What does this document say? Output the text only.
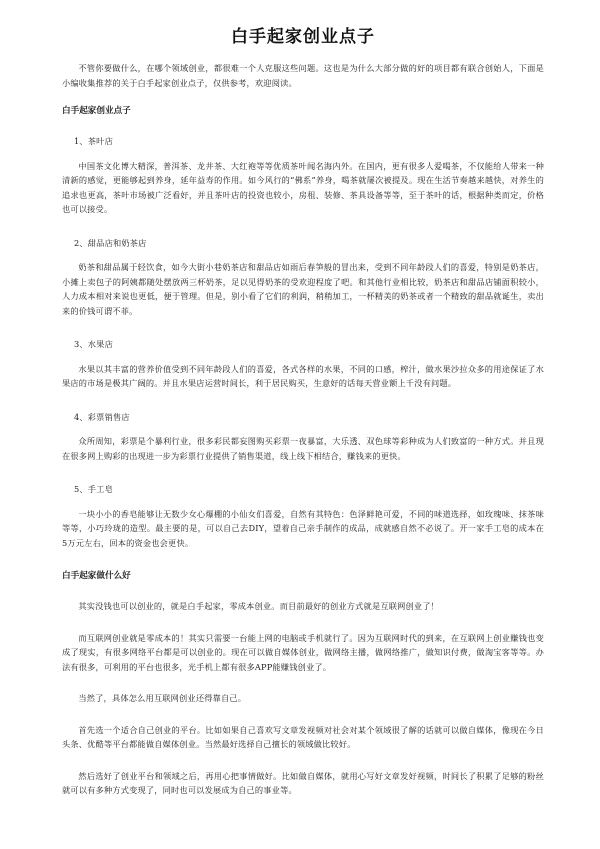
白手起家创业点子

不管你要做什么，在哪个领域创业，都很难一个人克服这些问题。这也是为什么大部分做的好的项目都有联合创始人，下面是小编收集推荐的关于白手起家创业点子，仅供参考，欢迎阅读。

白手起家创业点子

1、茶叶店

中国茶文化博大精深，普洱茶、龙井茶、大红袍等等优质茶叶闻名海内外。在国内，更有很多人爱喝茶，不仅能给人带来一种清新的感觉，更能够起到养身，延年益寿的作用。如今风行的“佛系”养身，喝茶就屡次被提及。现在生活节奏越来越快，对养生的追求也更高，茶叶市场被广泛看好，并且茶叶店的投资也较小，房租、装修、茶具设备等等，至于茶叶的话，根据种类而定，价格也可以接受。

2、甜品店和奶茶店

奶茶和甜品属于轻饮食，如今大街小巷奶茶店和甜品店如雨后春笋般的冒出来，受到不同年龄段人们的喜爱，特别是奶茶店，小摊上卖包子的阿姨都随处摆放两三杯奶茶，足以见得奶茶的受欢迎程度了吧。和其他行业相比较，奶茶店和甜品店铺面积较小，人力成本相对来说也更低，便于管理。但是，别小看了它们的利润，稍稍加工，一杯精美的奶茶或者一个精致的甜品就诞生，卖出来的价钱可谓不菲。

3、水果店

水果以其丰富的营养价值受到不同年龄段人们的喜爱，各式各样的水果，不同的口感，榨汁，做水果沙拉众多的用途保证了水果店的市场是极其广阔的。并且水果店运营时间长，利于居民购买，生意好的话每天营业额上千没有问题。

4、彩票销售店

众所周知，彩票是个暴利行业，很多彩民都妄图购买彩票一夜暴富，大乐透、双色球等彩种成为人们致富的一种方式。并且现在很多网上购彩的出现进一步为彩票行业提供了销售渠道，线上线下相结合，赚钱来的更快。

5、手工皂

一块小小的香皂能够让无数少女心爆棚的小仙女们喜爱，自然有其特色：色泽鲜艳可爱，不同的味道选择，如玫瑰味、抹茶味等等，小巧玲珑的造型。最主要的是，可以自己去DIY，望着自己亲手制作的成品，成就感自然不必说了。开一家手工皂的成本在5万元左右，回本的资金也会更快。

白手起家做什么好

其实没钱也可以创业的，就是白手起家，零成本创业。而目前最好的创业方式就是互联网创业了！

而互联网创业就是零成本的！其实只需要一台能上网的电脑或手机就行了。因为互联网时代的到来，在互联网上创业赚钱也变成了现实，有很多网络平台都是可以创业的。现在可以做自媒体创业，做网络主播，做网络推广，做知识付费，做淘宝客等等。办法有很多，可利用的平台也很多，光手机上都有很多APP能赚钱创业了。

当然了，具体怎么用互联网创业还得靠自己。

首先选一个适合自己创业的平台。比如如果自己喜欢写文章发视频对社会对某个领域很了解的话就可以做自媒体，像现在今日头条、优酷等平台都能做自媒体创业。当然最好选择自己擅长的领域做比较好。

然后选好了创业平台和领域之后，再用心把事情做好。比如做自媒体，就用心写好文章发好视频，时间长了积累了足够的粉丝就可以有多种方式变现了，同时也可以发展成为自己的事业等。
